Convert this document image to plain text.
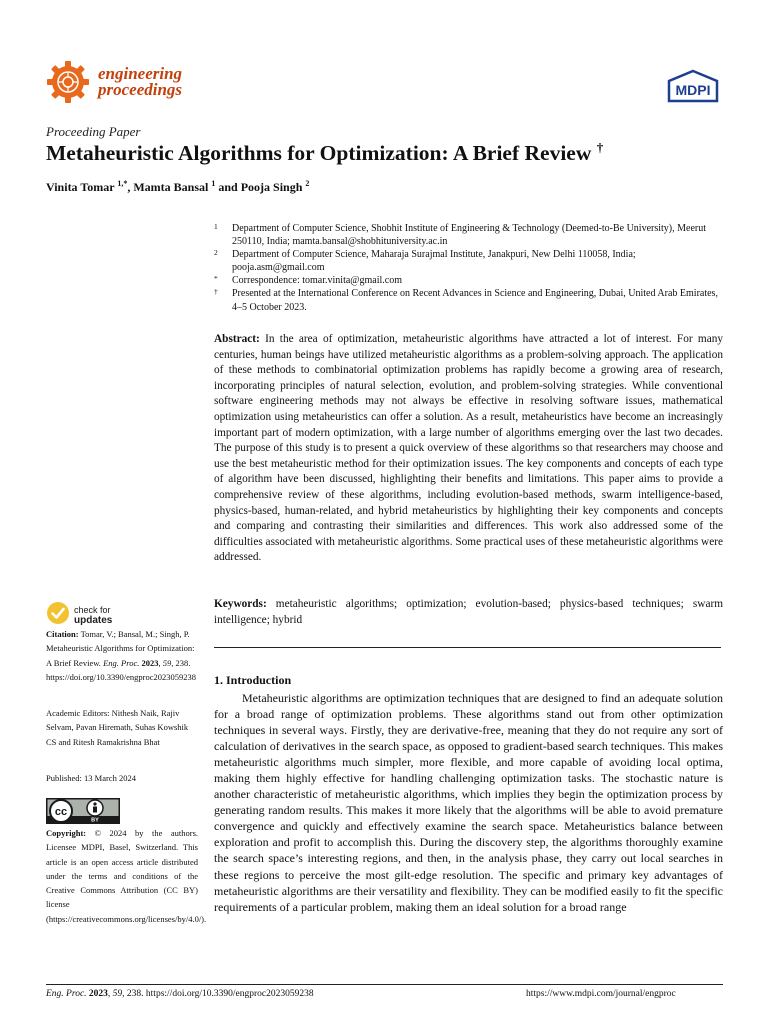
engineering
proceedings	MDPI
Proceeding Paper
Metaheuristic Algorithms for Optimization: A Brief Review †
Vinita Tomar $^{1,*}$, Mamta Bansal $^1$ and Pooja Singh $^2$
1	Department of Computer Science, Shobhit Institute of Engineering & Technology (Deemed-to-Be University), Meerut 250110, India; mamta.bansal@shobhituniversity.ac.in
2	Department of Computer Science, Maharaja Surajmal Institute, Janakpuri, New Delhi 110058, India; pooja.asm@gmail.com
*	Correspondence: tomar.vinita@gmail.com
†	Presented at the International Conference on Recent Advances in Science and Engineering, Dubai, United Arab Emirates, 4–5 October 2023.
Abstract: In the area of optimization, metaheuristic algorithms have attracted a lot of interest. For many centuries, human beings have utilized metaheuristic algorithms as a problem-solving approach. The application of these methods to combinatorial optimization problems has rapidly become a growing area of research, incorporating principles of natural selection, evolution, and problem-solving strategies. While conventional software engineering methods may not always be effective in resolving software issues, mathematical optimization using metaheuristics can offer a solution. As a result, metaheuristics have become an increasingly important part of modern optimization, with a large number of algorithms emerging over the last two decades. The purpose of this study is to present a quick overview of these algorithms so that researchers may choose and use the best metaheuristic method for their optimization issues. The key components and concepts of each type of algorithm have been discussed, highlighting their benefits and limitations. This paper aims to provide a comprehensive review of these algorithms, including evolution-based methods, swarm intelligence-based, physics-based, human-related, and hybrid metaheuristics by highlighting their key components and concepts and comparing and contrasting their similarities and differences. This work also addressed some of the difficulties associated with metaheuristic algorithms. Some practical uses of these metaheuristic algorithms were addressed.
Keywords: metaheuristic algorithms; optimization; evolution-based; physics-based techniques; swarm intelligence; hybrid
check for
updates
Citation: Tomar, V.; Bansal, M.; Singh, P. Metaheuristic Algorithms for Optimization: A Brief Review. Eng. Proc. 2023, 59, 238. https://doi.org/10.3390/engproc2023059238
Academic Editors: Nithesh Naik, Rajiv Selvam, Pavan Hiremath, Suhas Kowshik CS and Ritesh Ramakrishna Bhat
Published: 13 March 2024
cc
BY
Copyright: © 2024 by the authors. Licensee MDPI, Basel, Switzerland. This article is an open access article distributed under the terms and conditions of the Creative Commons Attribution (CC BY) license (https://creativecommons.org/licenses/by/4.0/).
1. Introduction
Metaheuristic algorithms are optimization techniques that are designed to find an adequate solution for a broad range of optimization problems. These algorithms stand out from other optimization techniques in several ways. Firstly, they are derivative-free, meaning that they do not require any sort of calculation of derivatives in the search space, as opposed to gradient-based search techniques. This makes metaheuristic algorithms much simpler, more flexible, and more capable of avoiding local optima, making them highly effective for handling challenging optimization tasks. The stochastic nature is another characteristic of metaheuristic algorithms, which implies they begin the optimization process by generating random results. This makes it more likely that the algorithms will be able to avoid premature convergence and quickly and effectively examine the search space. Metaheuristics balance between exploration and profit to accomplish this. During the discovery step, the algorithms thoroughly examine the search space’s interesting regions, and then, in the analysis phase, they carry out local searches in these regions to perceive the most gilt-edge resolution. The specific and primary key advantages of metaheuristic algorithms are their versatility and flexibility. They can be modified easily to fit the specific requirements of a particular problem, making them an ideal solution for a broad range
Eng. Proc. 2023, 59, 238. https://doi.org/10.3390/engproc2023059238	https://www.mdpi.com/journal/engproc
